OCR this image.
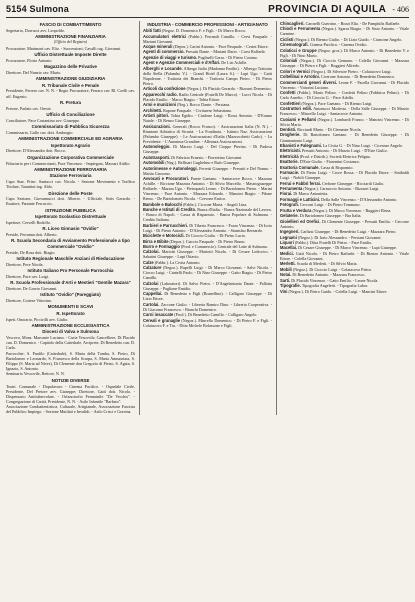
5154 Sulmona	PROVINCIA DI AQUILA - 406
FASCIO DI COMBATTIMENTO

Segretario, Dorrucci avv. Leopoldo.

AMMINISTRAZIONE FINANZIARIA
(Ufficio del Registro)

Procuratore, Marimoni cav. Elio. - Successioni, Cavalli rag. Giovanni.

Ufficio Distrettuale Imposte Dirette

Procuratore, Florio Antonio.

Magazzino delle Privative

Direttore, Del Nunzio cav. Mario.

AMMINISTRAZIONE GIUDIZIARIA
R. Tribunale Civile e Penale

Presidente, Ferrero cav. N. N. - Regio Procuratore, Ferraro cav. Rl. Coelli cav. uff. Eugenio.

R. Pretura

Pretore, Parlato cav. Oreste.

Ufficio di Conciliazione

Conciliatore, Pace Costantino avv. Giuseppe.

Commissariato di Pubblica Sicurezza

Commissario, Gallo cav. dott. Ambrogio.

AMMINISTRAZIONE COMMERCIALE ED AGRARIA
Ispettorato Agrario

Direttore, D'Alessandro dott. Rocco.

Organizzazione Corporativa Commerciale

Fiduciario per i Commercianti, Pace Vincenzo. - Impiegato, Massari Attilio.

AMMINISTRAZIONE FERROVIARIA
Stazione Ferroviaria

Capo Staz. Princ. Santucci cav. Nicola. - Sezione Movimento e Traffico Titolare, Tarantini ing. Aldo.

Direzione delle Poste

Capo Sezione, Giovannucci dott. Alberto. - Ufficiale, Sotis Gerardo. - Esattore, Pariante Ferruccio.

ISTRUZIONE PUBBLICA
Ispettorato Scolastico Distrettuale

Ispettore, Cervelli Rodolfo.

R. Liceo Ginnasio "Ovidio"

Preside, Ferranna dott. Alberto.

R. Scuola Secondaria di Avviamento Professionale a tipo Commerciale "Ovidio"

Preside, De Rosa dott. Biagio.

Istituto Regionale Maschile Anziani di Rieducazione

Direttore, Pece Nicola.

Istituto Italiano Pro Personale Parrocchia

Direttore, Pace cav. Luigi.

R. Scuola Professionale d'Arti e Mestieri "Gentile Mazara"

Direttore, De Gravio Giovanni.

Istituto "Ovidio" (Pareggiato)

Direttore, Cortese Vittorino.

MONUMENTI E SCAVI
R. Ispettorato

Ispett. Onorario, Piccirilli avv. Giulio.

AMMINISTRAZIONE ECCLESIASTICA
Diocesi di Valva e Sulmona

Vescovo, Mons. Marcante Luciano. - Curia Vescovile, Cancelliere, Di Placido can. D. Domenico. - Capitolo della Cattedrale, Arciprete, Di Benedetto can. D. Carlo.

Parrocchie: S. Panfilo (Cattedrale), S. Maria della Tomba, S. Pietro, Di Bartolomeo e Leonardo, S. Francesco della Scarpa, S. Maria Annunziata, S. Filippo (S. Maria ad Nives), Di Clemente don Gregorio di Pietro, S. Agata, S. Ignazio, S. Antonio.

Seminario Vescovile, Rettore, N. N.

NOTIZIE DIVERSE

Teatri. Comunale - Dopolavoro - Cinema Pacifico. - Ospedale Civile, Presidente, Del Pretore avv. Giuseppe; Direttore, Gatti dott. Nicola. - Dispensario Antitubercolare. - Orfanotrofio Femminile "De Vecchis". - Congregazione di Carità, Presidente, N. N. - Asilo Infantile "Barbato".

Associazione Combattentistica, Culturale, Artigianale, Associazione Fascista del Pubblico Impiego. - Sezione Mutilati e Invalidi. - Asilo Crisci e Gravina.

INDUSTRIA - COMMERCIO PROFESSIONI - ARTIGIANATO

Abiti fatti (Negoz. D. Domenico F. e Figli. - Di Marco Rocco.

Accumulatori elettrici (Fabbr.). Ferrandi Camillo. - Cervi Pasquale. - Mariani Giovanni.

Acque minerali (Depos.). Carini Antonio. - Pace Pasquale. - Cerini Ettore.

Agenti di commercio. Presutti Dante. - Mariani Dario. - Corsi Raffaele.

Agenzie di viaggi e turismo. Pugliselli Gerar. - Di Pietro Cosimo.

Agent e Agenzie Commerciali e d'Affari. De Lisi Achille.

Alberghi e Locande. Albergo Italia (Madonna Emilio). - Albergo Trattoria della Stella (Palumbo V.). - Grand Hotel (Laura S.). - Lupi Ugo. - Gatti Napoleone. - Trattoria dei Bianchi. - Trattoria Campo Pietro. - Di Pietro Pietro.

Articoli da confezione (Negoz.). Di Placido Gerardo. - Bizzarri Domenico.

Apparecchi radio. Radio Centrale (Fratelli De Marco). - Lucci Nicola. - Di Placido Emilio. - Marco Biagio. - Tobia Ettore.

Armi e munizioni (Neg.). Rocco Dante. - Persiana.

Architetti. Rapone Pasquale. - Civitarese Sebastiano.

Artisti pittori. Tobia Egidio. - Ciarlone Luigi. - Rossi Antonio. - D'Eramo Natale. - Di Renzo Giuseppe.

Assicurazioni. Generali (Rocco Franco). - Assicurazioni Italia (N. N.). - Riunione Adriatica di Sicurtà. - La Fondiaria. - Istituto Naz. Assicurazioni (Palumbo Giuseppe). - Le Assicurazioni d'Italia (Mazzocchetti Carlo). - La Previdente. - L'Anonima Grandine. - Alleanza Assicurazioni.

Autonoleggio. Di Marzio Luigi. - Del Cioppo Pierino. - Di Padova Giuseppe.

Autotrasporti. Di Fabrizio Ernesto. - Fiorentino Giovanni.

Automobili (Neg.). Bellisari Guglielmo e Rufo Giuseppe.

Autorimesse e Autonoleggi. Ferretti Giuseppe. - Presutti e Del Nonno. - Mattia Giacomo.

Avvocati e Procuratori. Parete Gaetano. - Santacroce Rocco. - Mazzara Achille. - Riccione Mazzara Antonio. - Di Silvio Marcello. - Mastrogiuseppe Raffaele. - Mazara Ugo. - Pietropaoli Leone. - Di Bartolomeo Pietro. - Marini Vincenzo. - Pace Antonio. - Mazzara Edoardo. - Mancini Biagio. - Pilone Remo. - De Bartolomeis Nicola. - Cervone Enrico.

Bambole e Balocchi (Fabbr.). Ciccone Maria. - Angeli Lina.

Banche e Istituti di Credito. Banca d'Italia. - Banca Nazionale del Lavoro. - Banco di Napoli. - Cassa di Risparmio. - Banca Popolare di Sulmona. - Credito Italiano.

Barbieri e Parrucchieri. Di Tiberio Francesco. - Forza Vincenzo. - Di Iorio Luigi. - Di Pietro Antonio. - D'Alessandro Antonio. - Stanislao Bernardo.

Biciclette e Motocicli. Di Cioccio Giulio. - Di Pietro Lucio.

Birra e Bibite (Depos.). Ciaccio Pasquale. - Di Pietro Bruno.

Burro e Formaggio (Prod. e Commercio). Centrale del Latte di Sulmona.

Calzolai. Mariotti Giuseppe. - Mariotti Nicola. - Di Cesare Lodovico. - Sabatini Giuseppe. - Lupi Ottavio.

Calze (Fabbr.). La Civita Antonio.

Calzature (Negoz.). Rupelli Luigi. - Di Marco Giovanni. - Salvi Nicola. - Ciocco Luigi. - Cantelli Paolo. - Di Nino Giuseppe. - Gatto Biagio. - Di Pietro Camillo.

Calzolai (Laboratori). Di Salvo Pietro. - D'Angelantonio Dante. - Pallotta Giuseppe. - Paglione Emidio.

Cappellai. Di Benedetto e Figli (Brunellino). - Calligaro Giuseppe. - Di Lizio Ettore.

Cartolai. Zaccone Giulio. - Libreria Ramiro Dino. - Libreria Cooperativa. - Di Giacomo Francesco. - Bianchi Domenico.

Carni insaccate (Prod.). Di Benedetto Camillo. - Calligaro Angelo.

Cereali e granaglie (Negoz.). Mincello Domenico. - Di Pietro F. e Figli. - Colaiacovo F. e Tiu. - Ditta Michele Bolassone e Figli.

Chincaglieri. Caroselli Guerrino. - Bozzi Elia. - De Pamphilis Raffaele.

Chiodi e Ferramenta (Negoz.). Sgarra Biagio. - Di Sisto Antonio. - Vitale Carmine.

Ciclisti (Negoz.). Di Rienzo Giulio. - Di Lizio Guido. - Ciancone Angelo.

Cinematografi. Cinema Pacifico. - Cinema Ovidio.

Colaticci e Gruppe (Negoz. gros.). Di Marco Antonio. - Di Benedetto V. e Figli. - Di Nino Mario.

Coloniali (Negoz.). Di Cioccio Gennaro. - Colella Giovanni. - Mazzara Giuseppe. - Di Pietro e Figli. - Ruggieri Alfredo.

Colori e Vernici (Negoz.). Di Silvestre Pietro. - Colaiacovo Luigi.

Coltellinai e Arrotini. Cicerone Antonio. - Di Benedetto Domenico.

Commercianti generi diversi. Leone F. - Pacella Giovanni. - Di Placido Vincenzo. - Vittorini Luciano.

Confetti (Fabbr.). Mario Pelino. - Confetti Pelino (Fabbrica Pelino). - Di Carlo Aurelio. - Di Cioccio G. - Pace Adolfo.

Confettieri (Negoz.). Pace Gaetano. - Di Rienzo Luigi.

Costruttori edili. Antonucci Modesto. - Della Salle Giuseppe. - Di Marzio Francesco. - Mincello Luigi. - Santacroce Antonio.

Cuoiami e Pellami (Negoz.). Lombardi Franco. - Mancini Vincenzo. - Di Silvio Mario.

Dentisti. Ricciardi Mario. - Di Clemente Nicola.

Drogherie. Di Bartolomeo Gaetano. - Di Benedetto Giuseppe. - Di Giannantonio Luigi.

Ebanisti e Falegnami. La Civita G. - Di Nino Luigi. - Cicerone Angelo.

Elettricisti. Presutti Antonio. - Di Marzio Luigi. - D'Este Giulio.

Elettricità (Prod. e Distrib.). Società Elettrica Peligna.

Esattorie. D'Este Giulio. - Fiorentini Costanzo.

Esattoria Comunale. Cassa di Risparmio.

Farmacie. Di Pietro Luigi. - Croce Rossa. - Di Placido Ettore. - Sinibaldi Luigi. - Nobili Giuseppe.

Ferrai e Fabbri ferrai. Cerbone Giuseppe. - Ricciardi Giulio.

Ferramenta (Negoz.). Carnuccio Antonio. - Bizzarri Luigi.

Fiorai. Di Marco Antonietta.

Formaggi e Latticini. Della Salle Vincenzo. - D'Alessandro Antonio.

Fotografi. Cecconi Luigi. - Di Pietro Tommaso.

Frutta e Verdura (Negoz.). Di Marco Vincenzo. - Ruggieri Elena.

Gelaterie. Di Bartolomeo Giuseppe. - Bar Italia.

Gioiellieri ed Orefici. Di Clemente Giuseppe. - Presutti Emilio. - Ceccone Antonio.

Ingegneri. Carlizzi Giuseppe. - Di Benedetto Luigi. - Mazzara Pietro.

Legnami (Negoz.). Di Iorio Alessandro. - Persiani Giovanni.

Liquori (Fabbr.). Ditta Fratelli Di Pietro. - Pace Emilio.

Macellai. Di Cesare Giuseppe. - Di Marco Vincenzo. - Lupi Giuseppe.

Medici. Gatti Nicola. - Di Pietro Raffaele. - Di Rienzo Antonio. - Vitale Ettore. - Colella Giovanni.

Merletti. Scuola di Merletti. - Di Silvio Maria.

Mobili (Negoz.). Di Cioccio Luigi. - Colaiacovo Pietro.

Notai. Di Benedetto Antonio. - Mazzara Francesco.

Sarti. Di Placido Vincenzo. - Gatto Emilio. - Leone Nicola.

Tipografie. Tipografia Angeletti. - Tipografia Labor.

Vini (Negoz.). Di Pietro Guido. - Colella Luigi. - Mancini Ettore.
